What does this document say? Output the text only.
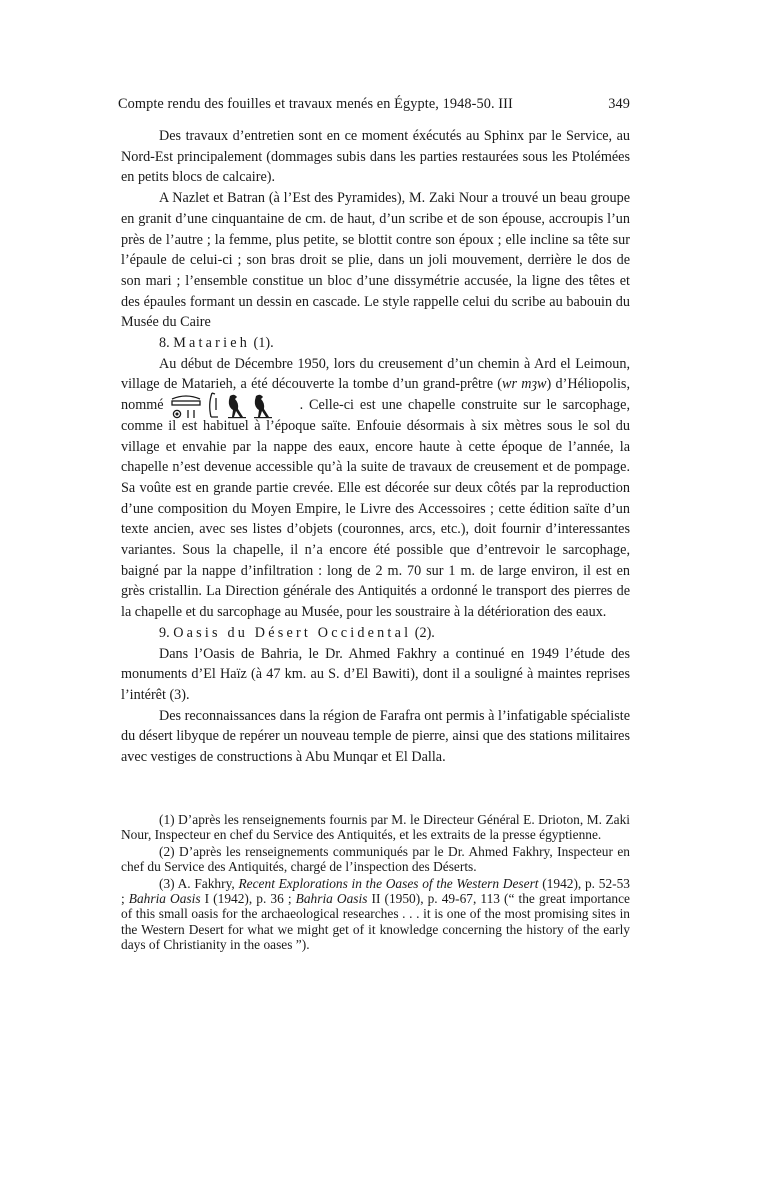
Compte rendu des fouilles et travaux menés en Égypte, 1948-50. III	349

Des travaux d’entretien sont en ce moment éxécutés au Sphinx par le Service, au Nord-Est principalement (dommages subis dans les parties restaurées sous les Ptolémées en petits blocs de calcaire).

A Nazlet et Batran (à l’Est des Pyramides), M. Zaki Nour a trouvé un beau groupe en granit d’une cinquantaine de cm. de haut, d’un scribe et de son épouse, accroupis l’un près de l’autre ; la femme, plus petite, se blottit contre son époux ; elle incline sa tête sur l’épaule de celui-ci ; son bras droit se plie, dans un joli mouvement, derrière le dos de son mari ; l’ensemble constitue un bloc d’une dissymétrie accusée, la ligne des têtes et des épaules formant un dessin en cascade. Le style rappelle celui du scribe au babouin du Musée du Caire

8. Matarieh (1).

Au début de Décembre 1950, lors du creusement d’un chemin à Ard el Leimoun, village de Matarieh, a été découverte la tombe d’un grand-prêtre (wr mȝw) d’Héliopolis, nommé	. Celle-ci est une chapelle construite sur le sarcophage, comme il est habituel à l’époque saïte. Enfouie désormais à six mètres sous le sol du village et envahie par la nappe des eaux, encore haute à cette époque de l’année, la chapelle n’est devenue accessible qu’à la suite de travaux de creusement et de pompage. Sa voûte est en grande partie crevée. Elle est décorée sur deux côtés par la reproduction d’une composition du Moyen Empire, le Livre des Accessoires ; cette édition saïte d’un texte ancien, avec ses listes d’objets (couronnes, arcs, etc.), doit fournir d’interessantes variantes. Sous la chapelle, il n’a encore été possible que d’entrevoir le sarcophage, baigné par la nappe d’infiltration : long de 2 m. 70 sur 1 m. de large environ, il est en grès cristallin. La Direction générale des Antiquités a ordonné le transport des pierres de la chapelle et du sarcophage au Musée, pour les soustraire à la détérioration des eaux.

9. Oasis du Désert Occidental (2).

Dans l’Oasis de Bahria, le Dr. Ahmed Fakhry a continué en 1949 l’étude des monuments d’El Haïz (à 47 km. au S. d’El Bawiti), dont il a souligné à maintes reprises l’intérêt (3).

Des reconnaissances dans la région de Farafra ont permis à l’infatigable spécialiste du désert libyque de repérer un nouveau temple de pierre, ainsi que des stations militaires avec vestiges de constructions à Abu Munqar et El Dalla.

(1) D’après les renseignements fournis par M. le Directeur Général E. Drioton, M. Zaki Nour, Inspecteur en chef du Service des Antiquités, et les extraits de la presse égyptienne.

(2) D’après les renseignements communiqués par le Dr. Ahmed Fakhry, Inspecteur en chef du Service des Antiquités, chargé de l’inspection des Déserts.

(3) A. Fakhry, Recent Explorations in the Oases of the Western Desert (1942), p. 52-53 ; Bahria Oasis I (1942), p. 36 ; Bahria Oasis II (1950), p. 49-67, 113 (“ the great importance of this small oasis for the archaeological researches . . . it is one of the most promising sites in the Western Desert for what we might get of it knowledge concerning the history of the early days of Christianity in the oases ”).
